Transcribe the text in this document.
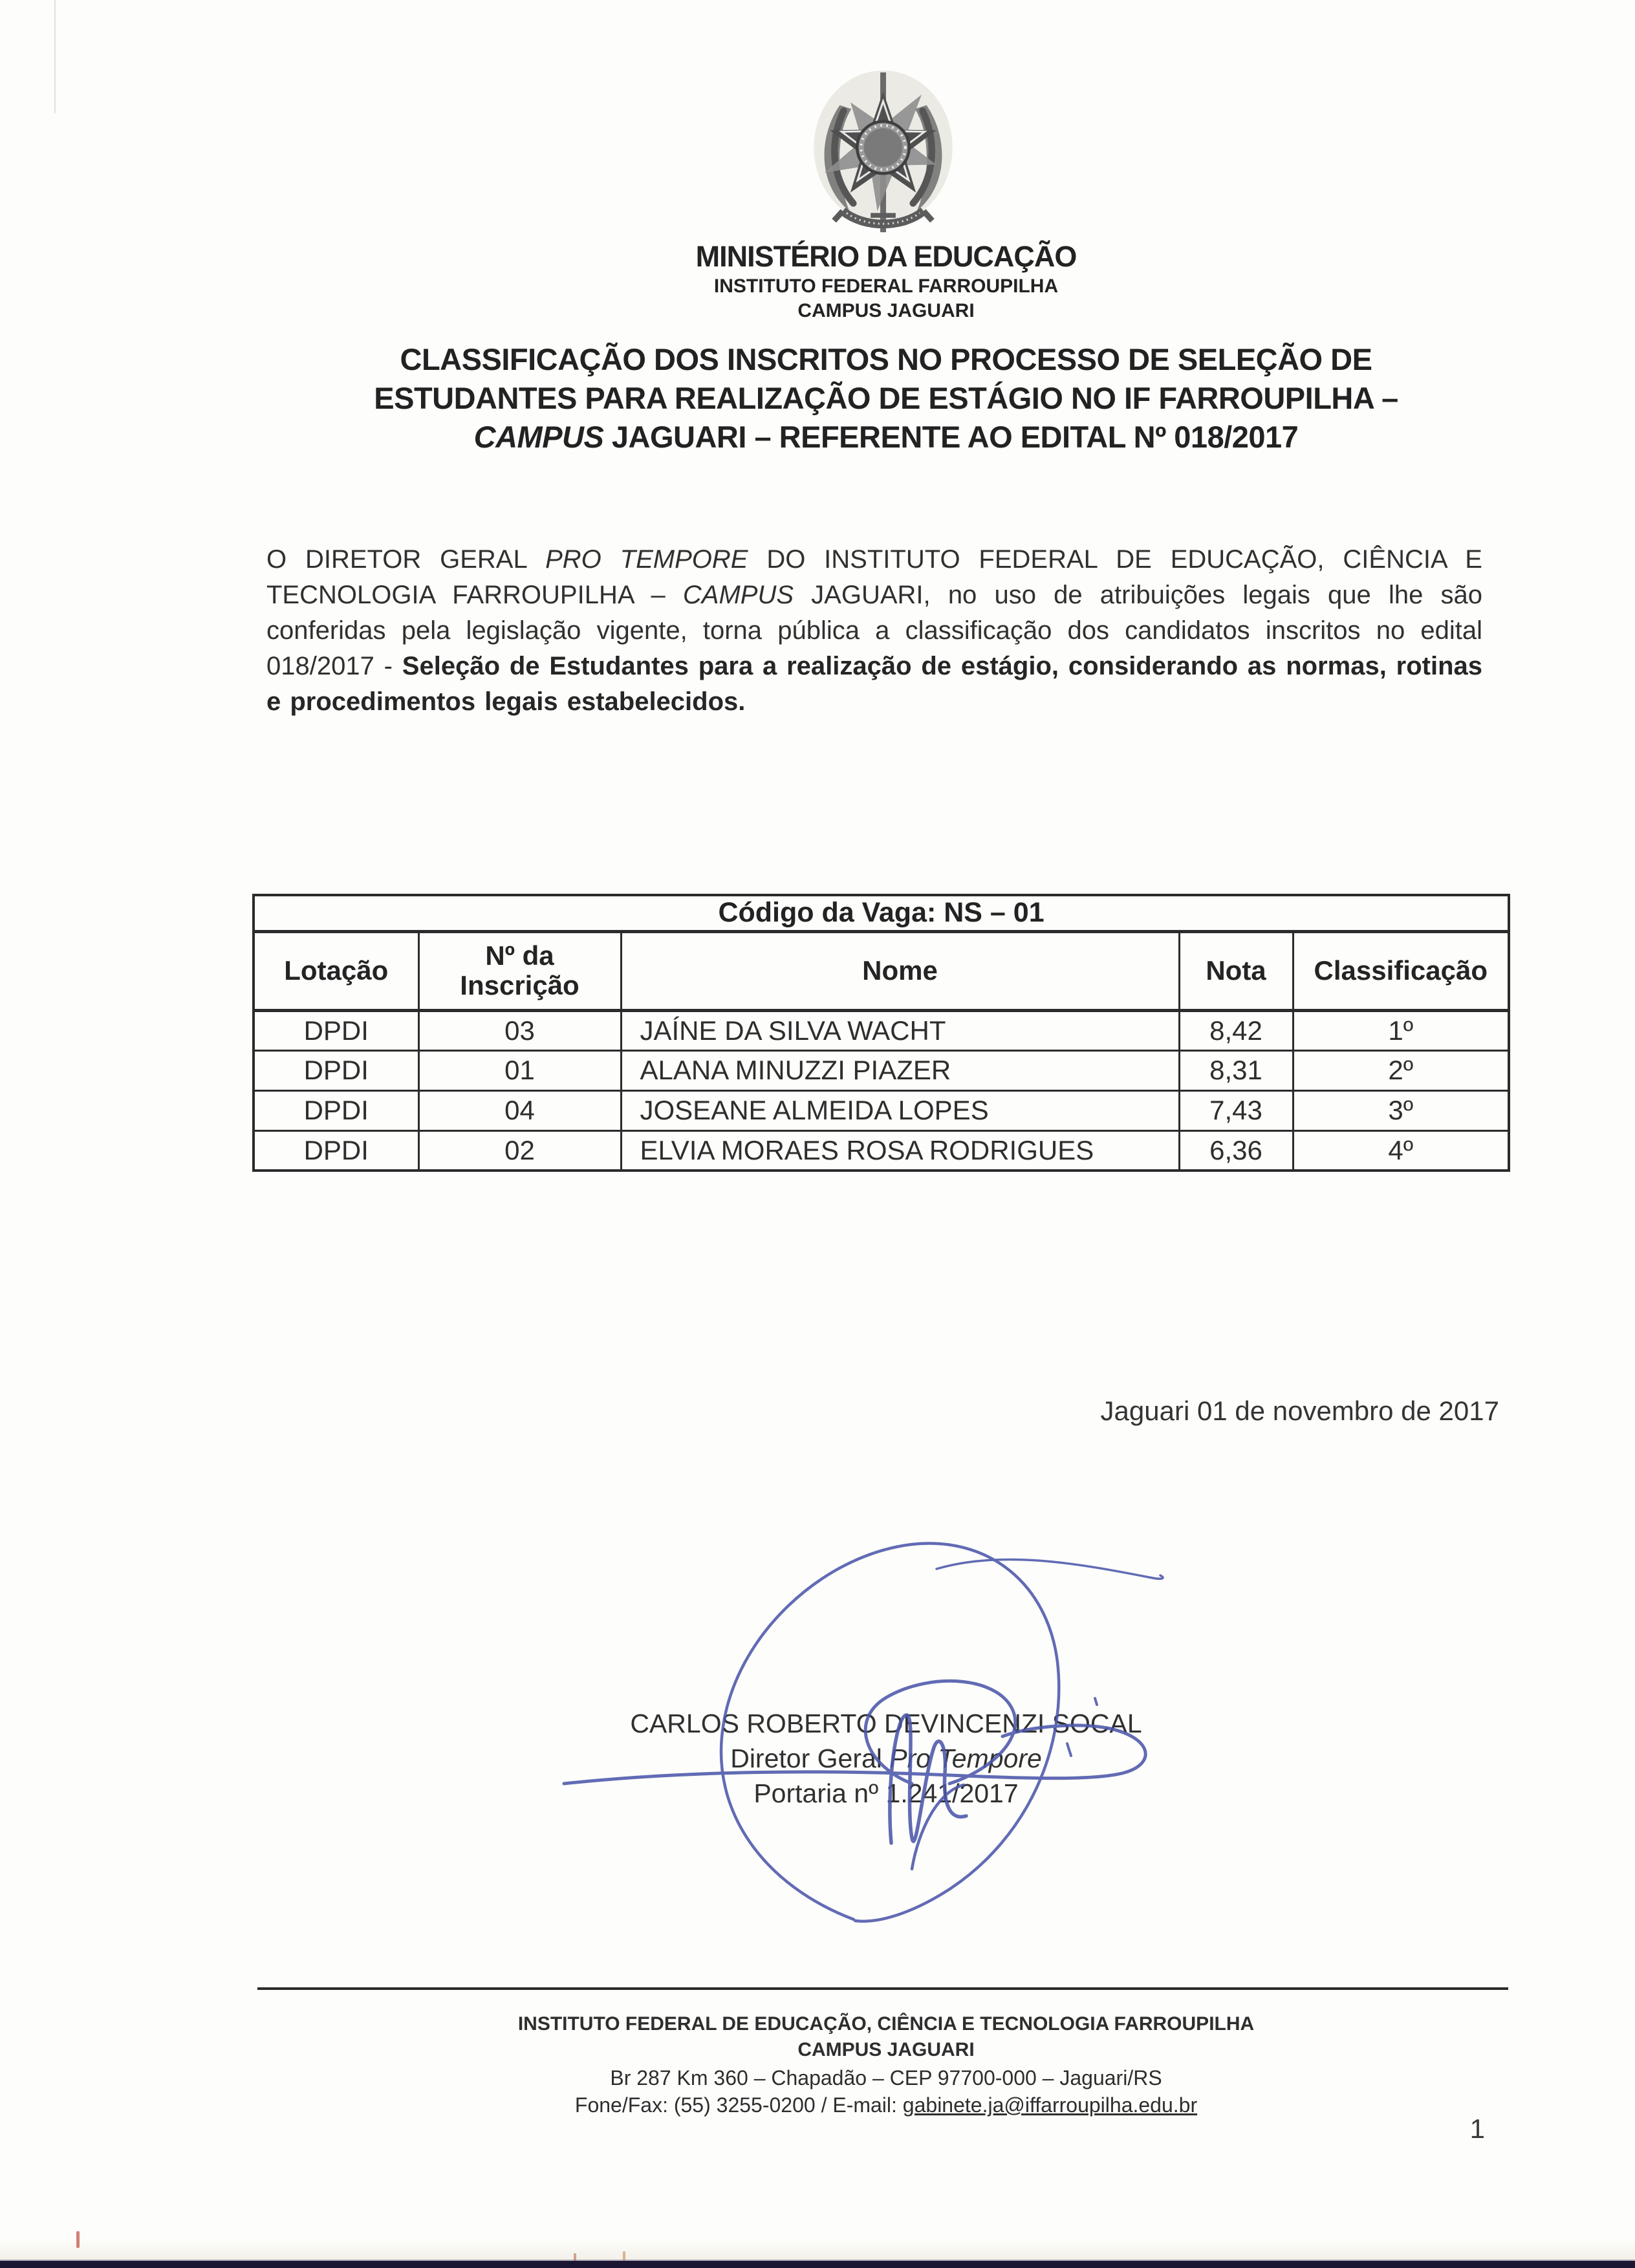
MINISTÉRIO DA EDUCAÇÃO
INSTITUTO FEDERAL FARROUPILHA
CAMPUS JAGUARI
CLASSIFICAÇÃO DOS INSCRITOS NO PROCESSO DE SELEÇÃO DE
ESTUDANTES PARA REALIZAÇÃO DE ESTÁGIO NO IF FARROUPILHA –
CAMPUS JAGUARI – REFERENTE AO EDITAL Nº 018/2017

O DIRETOR GERAL PRO TEMPORE DO INSTITUTO FEDERAL DE EDUCAÇÃO, CIÊNCIA E TECNOLOGIA FARROUPILHA – CAMPUS JAGUARI, no uso de atribuições legais que lhe são conferidas pela legislação vigente, torna pública a classificação dos candidatos inscritos no edital 018/2017 - Seleção de Estudantes para a realização de estágio, considerando as normas, rotinas e procedimentos legais estabelecidos.

Código da Vaga: NS – 01				
Lotação	Nº da Inscrição	Nome	Nota	Classificação
DPDI	03	JAÍNE DA SILVA WACHT	8,42	1º
DPDI	01	ALANA MINUZZI PIAZER	8,31	2º
DPDI	04	JOSEANE ALMEIDA LOPES	7,43	3º
DPDI	02	ELVIA MORAES ROSA RODRIGUES	6,36	4º
Jaguari 01 de novembro de 2017
CARLOS ROBERTO DEVINCENZI SOCAL
Diretor Geral Pro Tempore
Portaria nº 1.241/2017
INSTITUTO FEDERAL DE EDUCAÇÃO, CIÊNCIA E TECNOLOGIA FARROUPILHA
CAMPUS JAGUARI
Br 287 Km 360 – Chapadão – CEP 97700-000 – Jaguari/RS
Fone/Fax: (55) 3255-0200 / E-mail: gabinete.ja@iffarroupilha.edu.br
1
